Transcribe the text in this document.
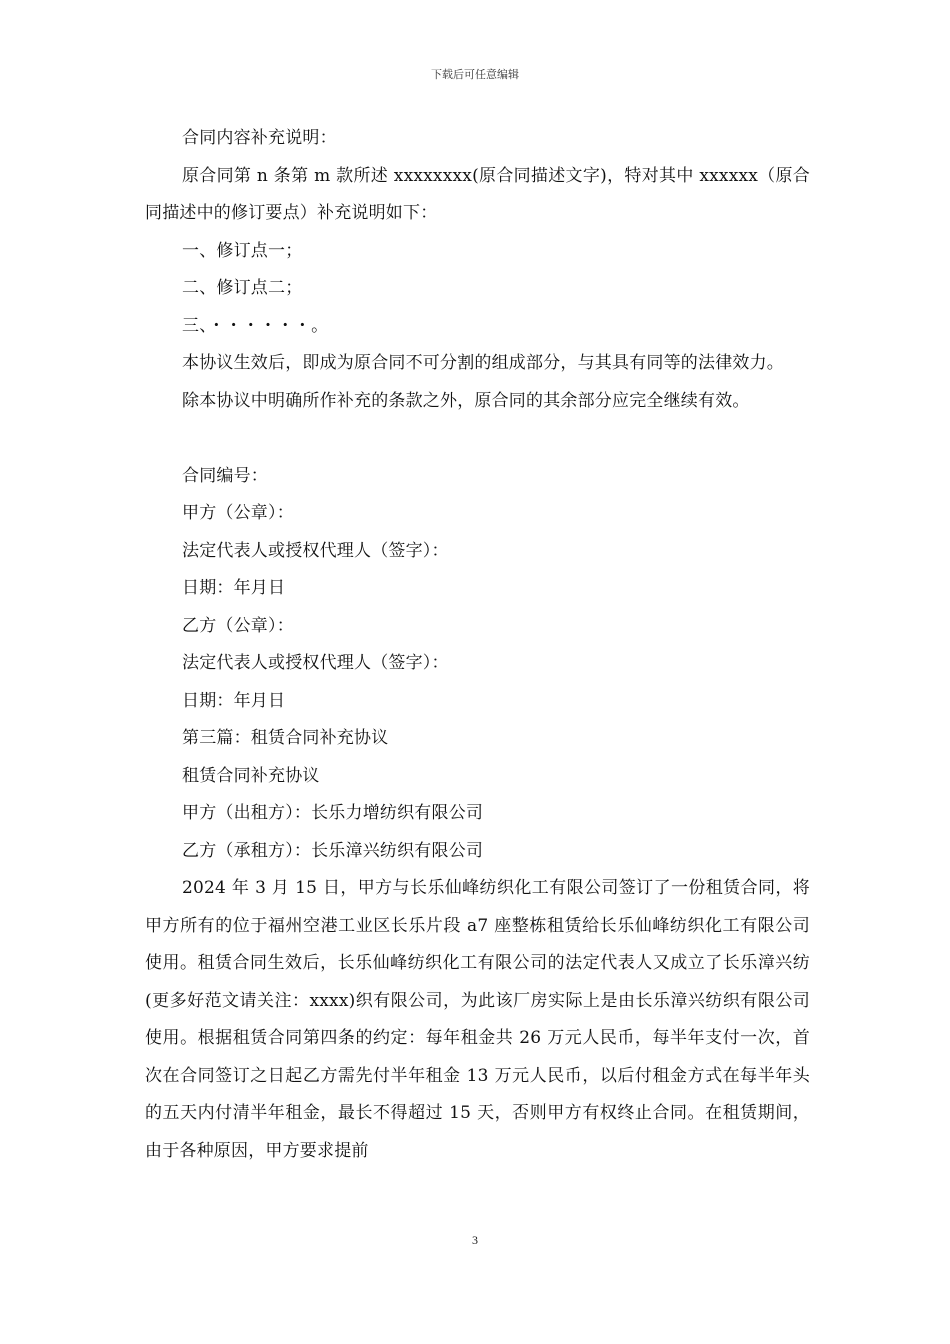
下载后可任意编辑

合同内容补充说明：

原合同第 n 条第 m 款所述 xxxxxxxx(原合同描述文字)，特对其中 xxxxxx（原合同描述中的修订要点）补充说明如下：

一、修订点一；

二、修订点二；

三、・・・・・・。

本协议生效后，即成为原合同不可分割的组成部分，与其具有同等的法律效力。

除本协议中明确所作补充的条款之外，原合同的其余部分应完全继续有效。

合同编号：

甲方（公章）：

法定代表人或授权代理人（签字）：

日期：年月日

乙方（公章）：

法定代表人或授权代理人（签字）：

日期：年月日

第三篇：租赁合同补充协议

租赁合同补充协议

甲方（出租方）：长乐力增纺织有限公司

乙方（承租方）：长乐漳兴纺织有限公司

2024 年 3 月 15 日，甲方与长乐仙峰纺织化工有限公司签订了一份租赁合同，将甲方所有的位于福州空港工业区长乐片段 a7 座整栋租赁给长乐仙峰纺织化工有限公司使用。租赁合同生效后，长乐仙峰纺织化工有限公司的法定代表人又成立了长乐漳兴纺(更多好范文请关注：xxxx)织有限公司，为此该厂房实际上是由长乐漳兴纺织有限公司使用。根据租赁合同第四条的约定：每年租金共 26 万元人民币，每半年支付一次，首次在合同签订之日起乙方需先付半年租金 13 万元人民币，以后付租金方式在每半年头的五天内付清半年租金，最长不得超过 15 天，否则甲方有权终止合同。在租赁期间，由于各种原因，甲方要求提前

3
